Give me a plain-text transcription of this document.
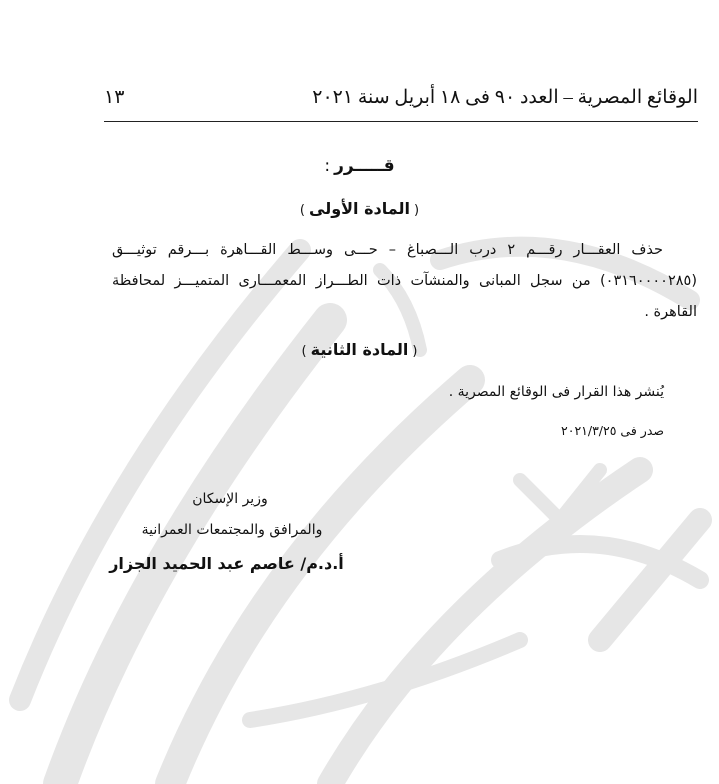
الوقائع المصرية – العدد ٩٠ فى ١٨ أبريل سنة ٢٠٢١
١٣
قـــــرر:
(المادة الأولى)
حذف العقـــار رقـــم ٢ درب الـــصباغ – حـــى وســـط القـــاهرة بـــرقم توثيـــق (٠٣١٦٠٠٠٠٢٨٥) من سجل المبانى والمنشآت ذات الطـــراز المعمـــارى المتميـــز لمحافظة القاهرة .
(المادة الثانية)
يُنشر هذا القرار فى الوقائع المصرية .
صدر فى ٢٠٢١/٣/٢٥
وزير الإسكان
والمرافق والمجتمعات العمرانية
أ.د.م/ عاصم عبد الحميد الجزار
